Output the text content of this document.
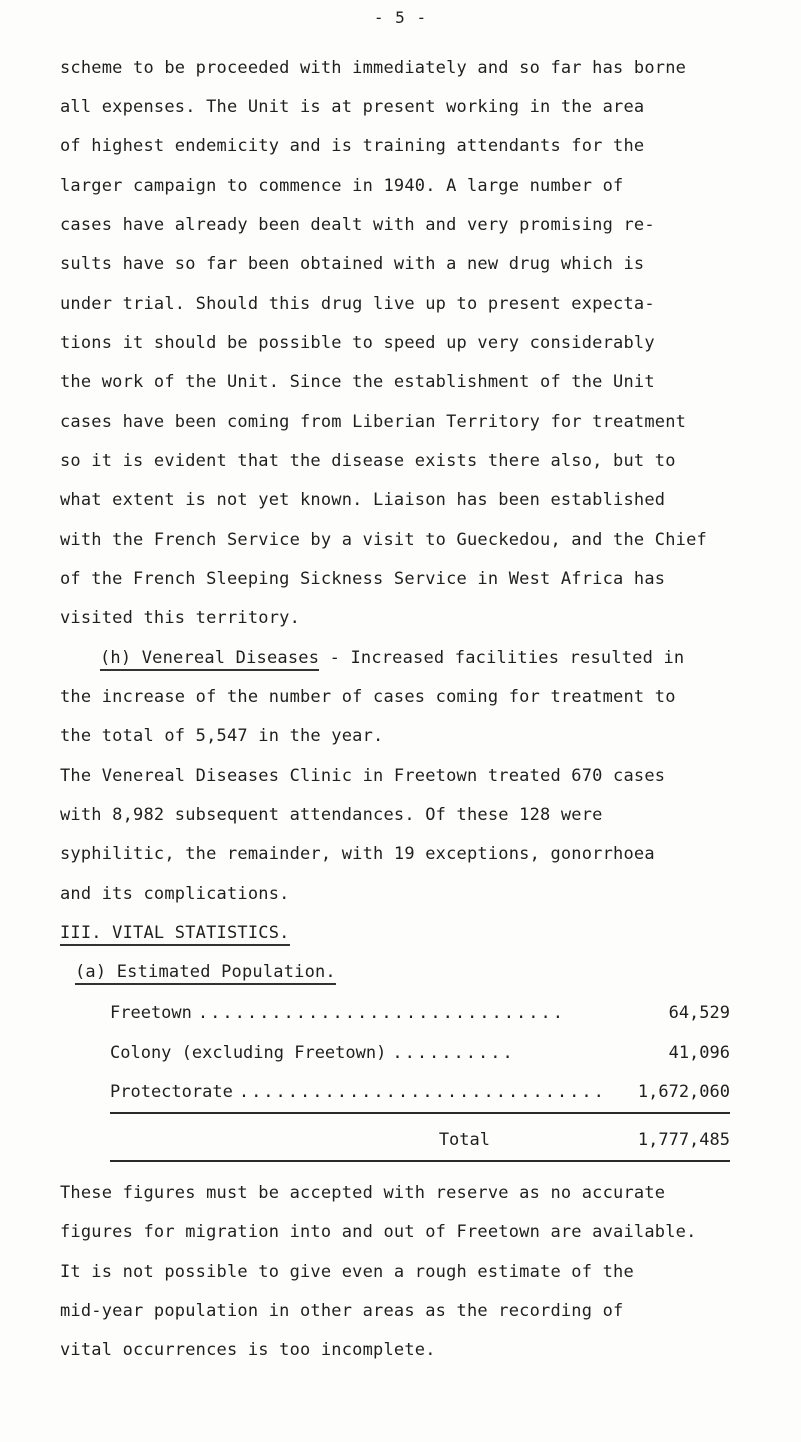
- 5 -
scheme to be proceeded with immediately and so far has borne
all expenses. The Unit is at present working in the area
of highest endemicity and is training attendants for the
larger campaign to commence in 1940. A large number of
cases have already been dealt with and very promising re-
sults have so far been obtained with a new drug which is
under trial. Should this drug live up to present expecta-
tions it should be possible to speed up very considerably
the work of the Unit. Since the establishment of the Unit
cases have been coming from Liberian Territory for treatment
so it is evident that the disease exists there also, but to
what extent is not yet known. Liaison has been established
with the French Service by a visit to Gueckedou, and the Chief
of the French Sleeping Sickness Service in West Africa has
visited this territory.
(h) Venereal Diseases - Increased facilities resulted in
the increase of the number of cases coming for treatment to
the total of 5,547 in the year.
The Venereal Diseases Clinic in Freetown treated 670 cases
with 8,982 subsequent attendances. Of these 128 were
syphilitic, the remainder, with 19 exceptions, gonorrhoea
and its complications.
III. VITAL STATISTICS.
(a) Estimated Population.
Freetown ..............................	64,529
Colony (excluding Freetown) ..........	41,096
Protectorate ..............................	1,672,060
Total	1,777,485
These figures must be accepted with reserve as no accurate
figures for migration into and out of Freetown are available.
It is not possible to give even a rough estimate of the
mid-year population in other areas as the recording of
vital occurrences is too incomplete.
